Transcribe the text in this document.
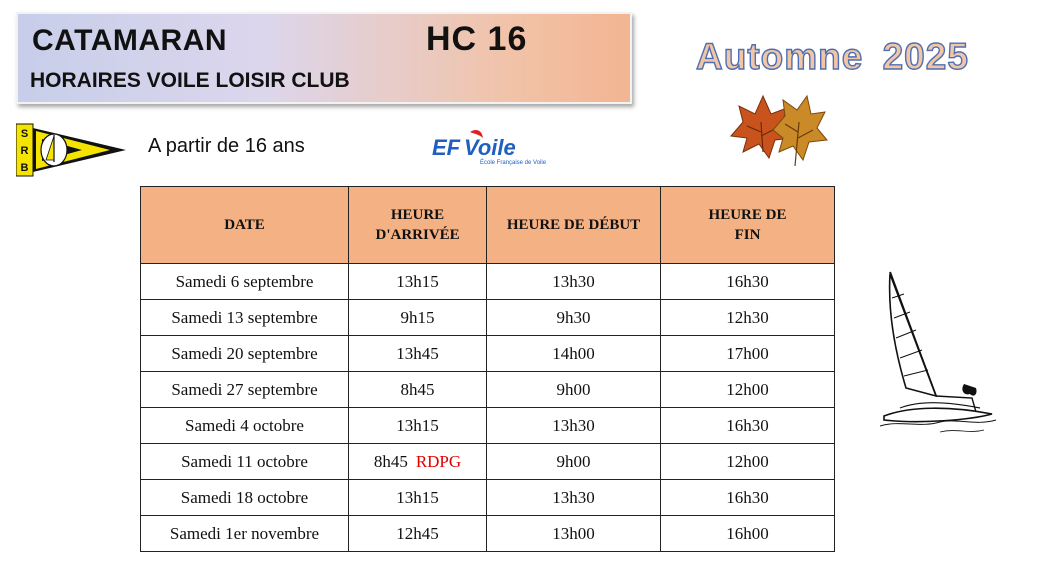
CATAMARAN	HC 16
HORAIRES VOILE LOISIR CLUB
Automne 2025
S
R
B
A partir de 16 ans	EF Voile
École Française de Voile
DATE	HEURE D'ARRIVÉE	HEURE DE DÉBUT	HEURE DE FIN
Samedi 6 septembre	13h15	13h30	16h30
Samedi 13 septembre	9h15	9h30	12h30
Samedi 20 septembre	13h45	14h00	17h00
Samedi 27 septembre	8h45	9h00	12h00
Samedi 4 octobre	13h15	13h30	16h30
Samedi 11 octobre	8h45 RDPG	9h00	12h00
Samedi 18 octobre	13h15	13h30	16h30
Samedi 1er novembre	12h45	13h00	16h00
